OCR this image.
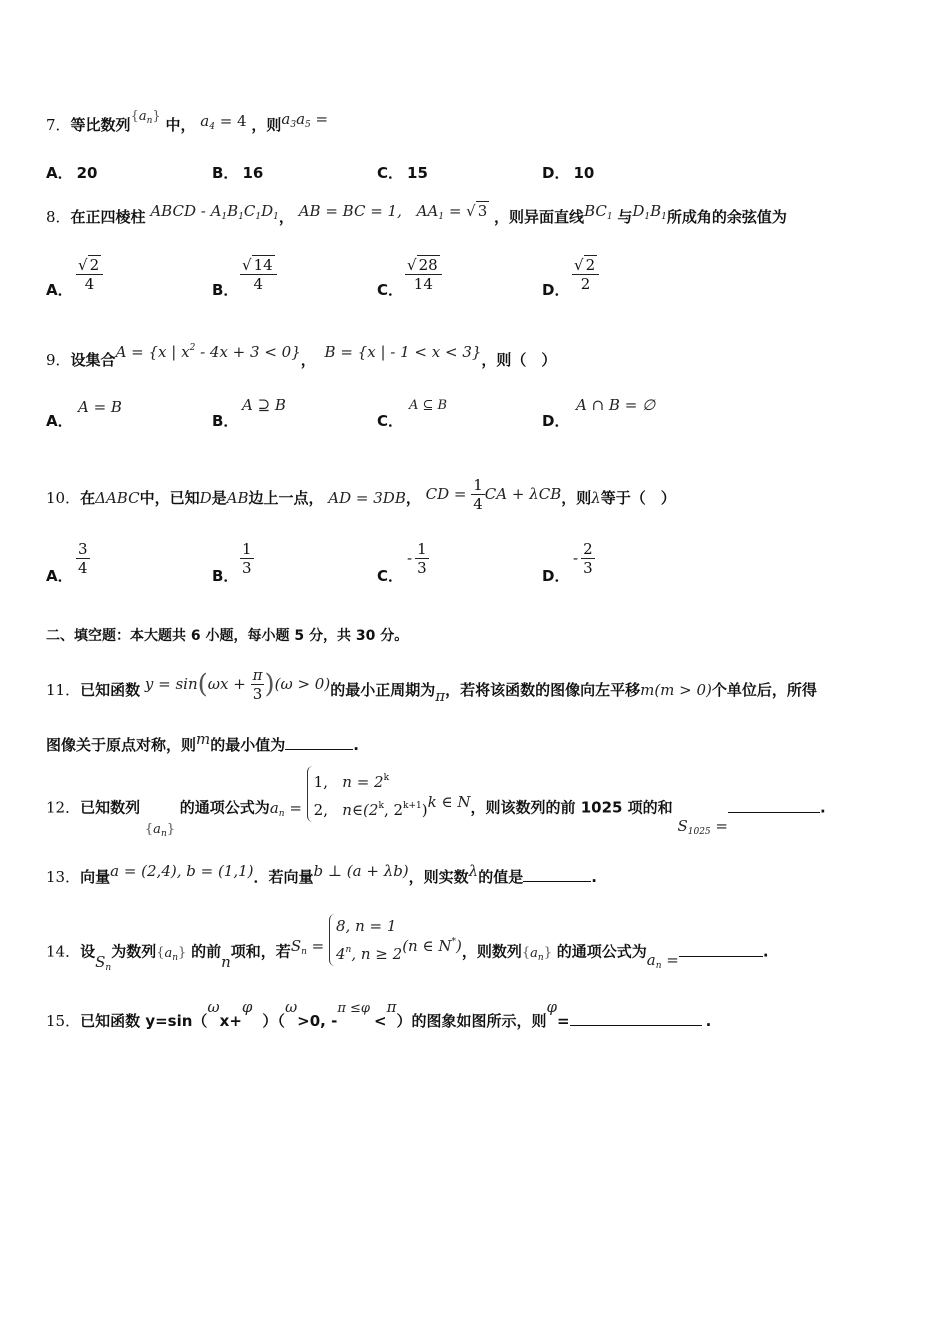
7．等比数列$\{a_n\}$ 中， $a_4 = 4$ ，则$a_3a_5$ =
A． 20	B． 16	C． 15	D． 10
8．在正四棱柱 ABCD - $A_1B_1C_1D_1$， AB = BC = 1, $AA_1$ = √ 3 ，则异面直线$BC_1$ 与$D_1B_1$所成角的余弦值为
A． $\frac{√ 2}{4}$	B． $\frac{√ 14}{4}$	C． $\frac{√ 28}{14}$	D． $\frac{√ 2}{2}$
9．设集合A = {x | $x^2 - 4x + 3 < 0$}， B = {x | - 1 < x < 3}，则（　）
A．
A = B
B．
A ⊇ B
C．
A ⊆ B
D．
A ∩ B = ∅
10．在ΔABC中，已知D是AB边上一点， AD = 3DB， CD = $\frac{1}{4}$ CA + λCB，则λ等于（　）
A． $\frac{3}{4}$	B． $\frac{1}{3}$	C．
- $\frac{1}{3}$	D．
- $\frac{2}{3}$
二、填空题：本大题共 6 小题，每小题 5 分，共 30 分。
11．已知函数 $y = \sin(\omega x + \frac{\pi}{3} )(\omega > 0)$的最小正周期为π，若将该函数的图像向左平移m(m > 0)个单位后，所得
图像关于原点对称，则m的最小值为	.
12．已知数列 $\{a_n\}$ 的通项公式为$a_n$ =
1, $n = 2^k$
2, n∈(2$^k$, $2^{k+1}$) k ∈ N，则该数列的前 1025 项的和 $S_{1025}$ =.
13．向量a = (2,4), b = (1,1)．若向量b ⊥ (a + λb)，则实数λ的值是	.
14．设$S_n$为数列$\{a_n\}$ 的前n项和，若$S_n$ =
8, n = 1
4$^n$, n ≥ 2 (n ∈ N*)，则数列$\{a_n\}$ 的通项公式为$a_n$ =	.
15．已知函数 y=sin（ωx+φ）（ω>0, -π ≤φ<π）的图象如图所示，则φ=	.
